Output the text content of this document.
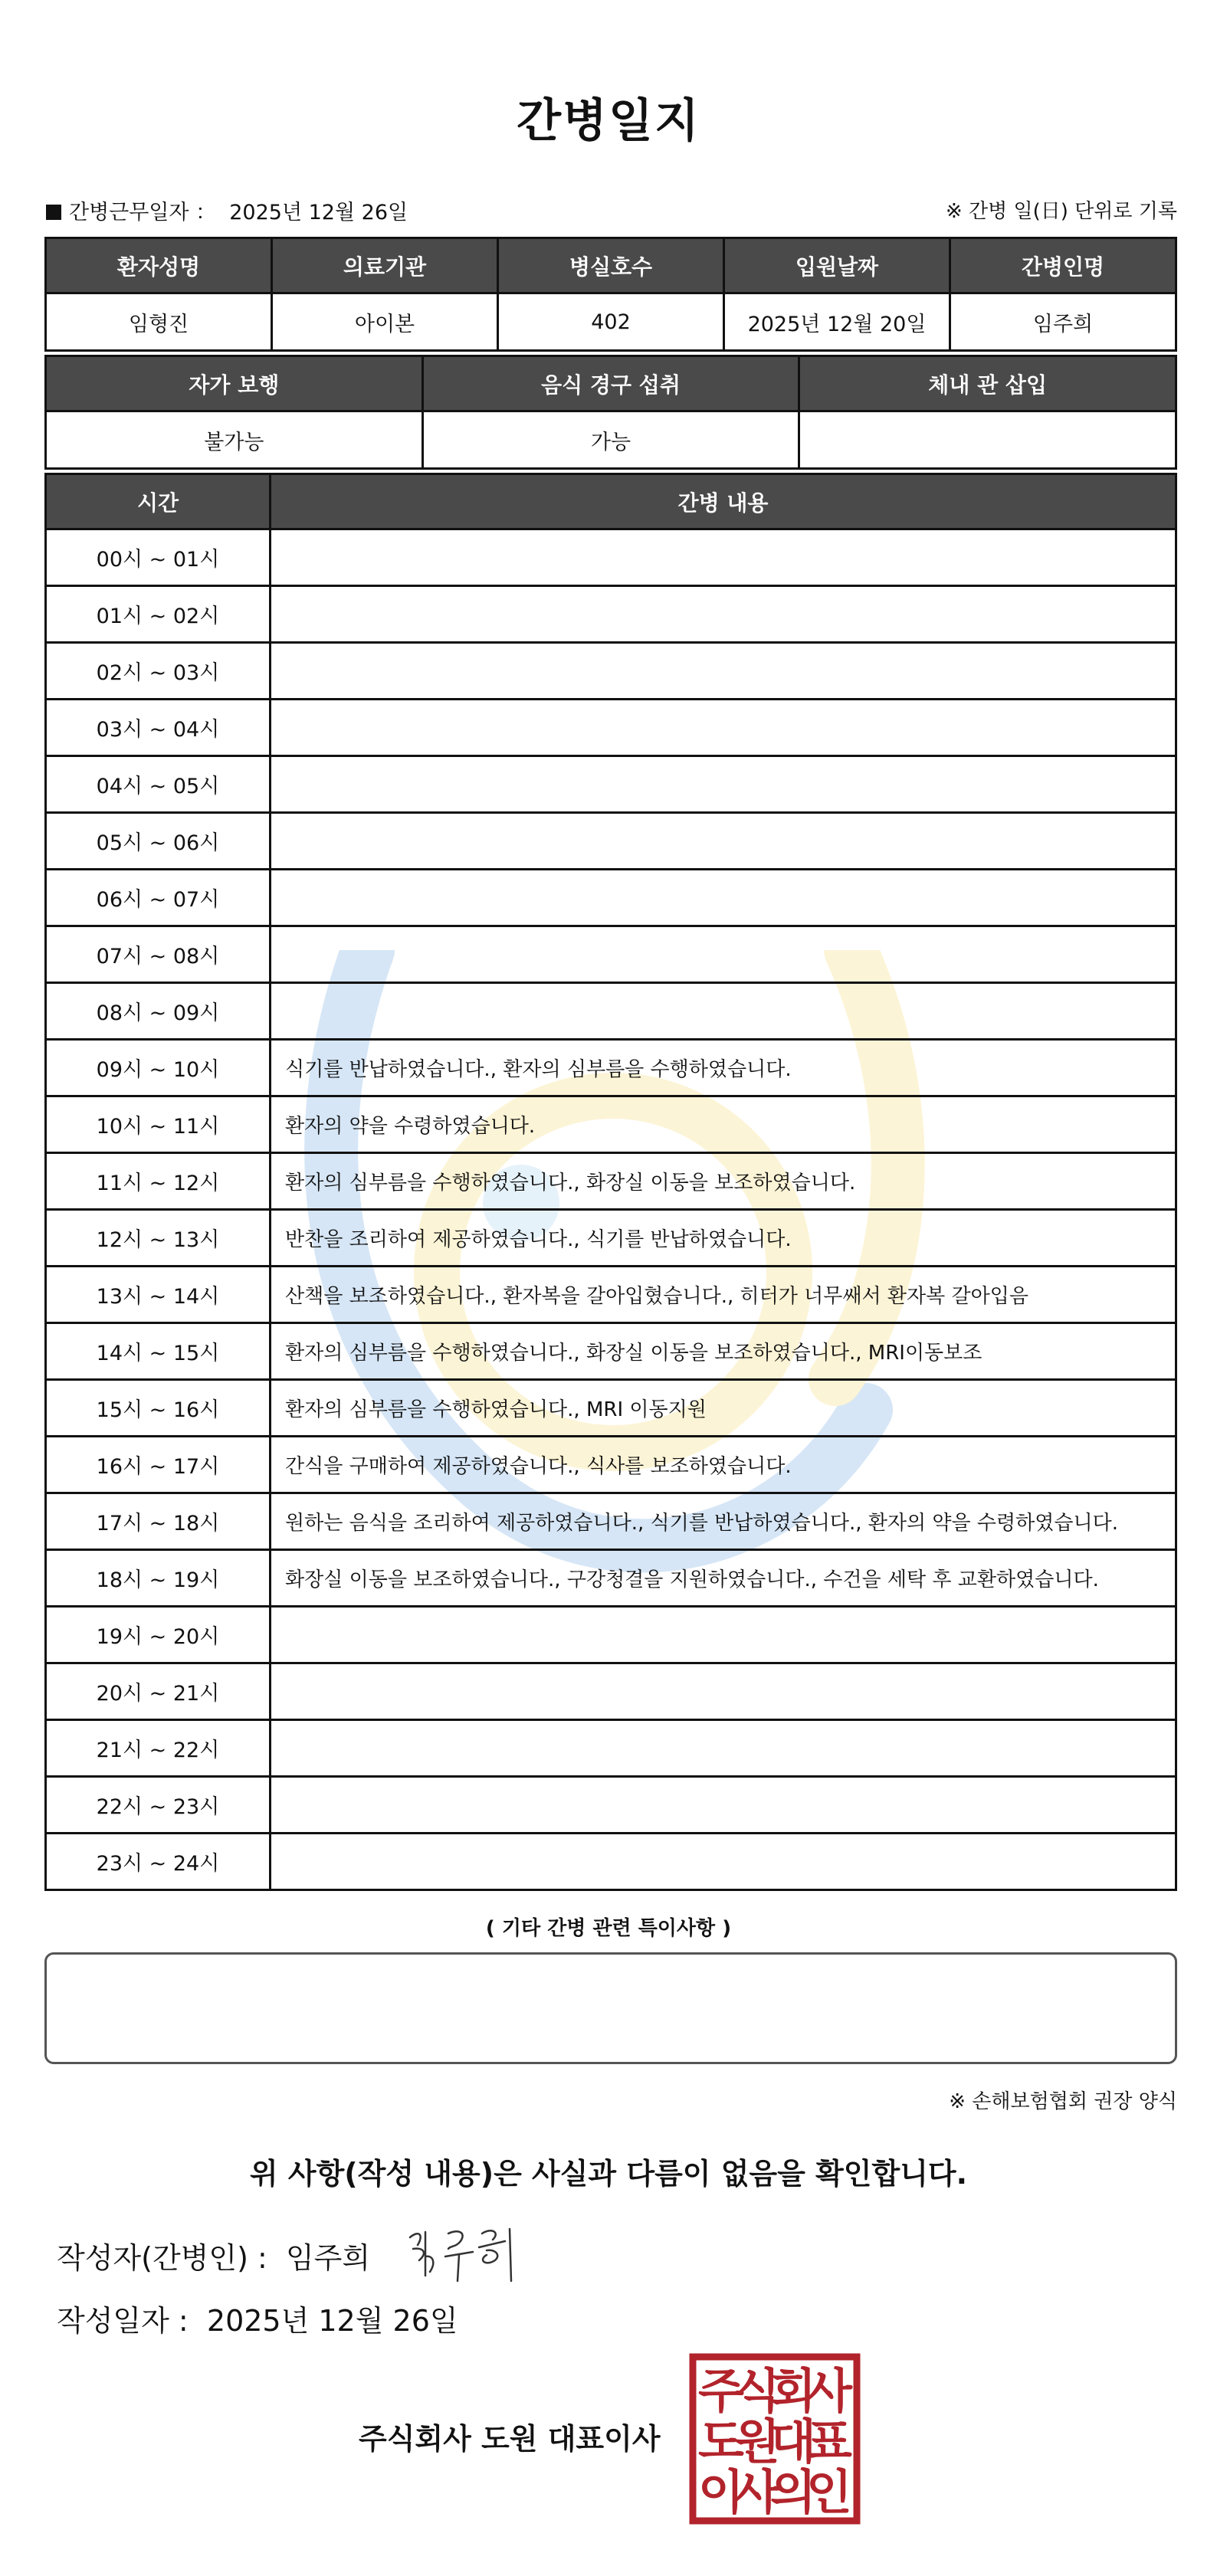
간병일지
간병근무일자 ： 2025년 12월 26일	※ 간병 일(日) 단위로 기록
환자성명	의료기관	병실호수	입원날짜	간병인명
임형진	아이본	402	2025년 12월 20일	임주희
자가 보행	음식 경구 섭취	체내 관 삽입
불가능	가능	
시간	간병 내용
00시 ~ 01시	
01시 ~ 02시	
02시 ~ 03시	
03시 ~ 04시	
04시 ~ 05시	
05시 ~ 06시	
06시 ~ 07시	
07시 ~ 08시	
08시 ~ 09시	
09시 ~ 10시	식기를 반납하였습니다., 환자의 심부름을 수행하였습니다.
10시 ~ 11시	환자의 약을 수령하였습니다.
11시 ~ 12시	환자의 심부름을 수행하였습니다., 화장실 이동을 보조하였습니다.
12시 ~ 13시	반찬을 조리하여 제공하였습니다., 식기를 반납하였습니다.
13시 ~ 14시	산책을 보조하였습니다., 환자복을 갈아입혔습니다., 히터가 너무쌔서 환자복 갈아입음
14시 ~ 15시	환자의 심부름을 수행하였습니다., 화장실 이동을 보조하였습니다., MRI이동보조
15시 ~ 16시	환자의 심부름을 수행하였습니다., MRI 이동지원
16시 ~ 17시	간식을 구매하여 제공하였습니다., 식사를 보조하였습니다.
17시 ~ 18시	원하는 음식을 조리하여 제공하였습니다., 식기를 반납하였습니다., 환자의 약을 수령하였습니다.
18시 ~ 19시	화장실 이동을 보조하였습니다., 구강청결을 지원하였습니다., 수건을 세탁 후 교환하였습니다.
19시 ~ 20시	
20시 ~ 21시	
21시 ~ 22시	
22시 ~ 23시	
23시 ~ 24시	
( 기타 간병 관련 특이사항 )
※ 손해보험협회 권장 양식
위 사항(작성 내용)은 사실과 다름이 없음을 확인합니다.
작성자(간병인) : 임주희
작성일자 : 2025년 12월 26일
주식회사 도원 대표이사
주
식
회
사
도
원
대
표
이
사
의
인
